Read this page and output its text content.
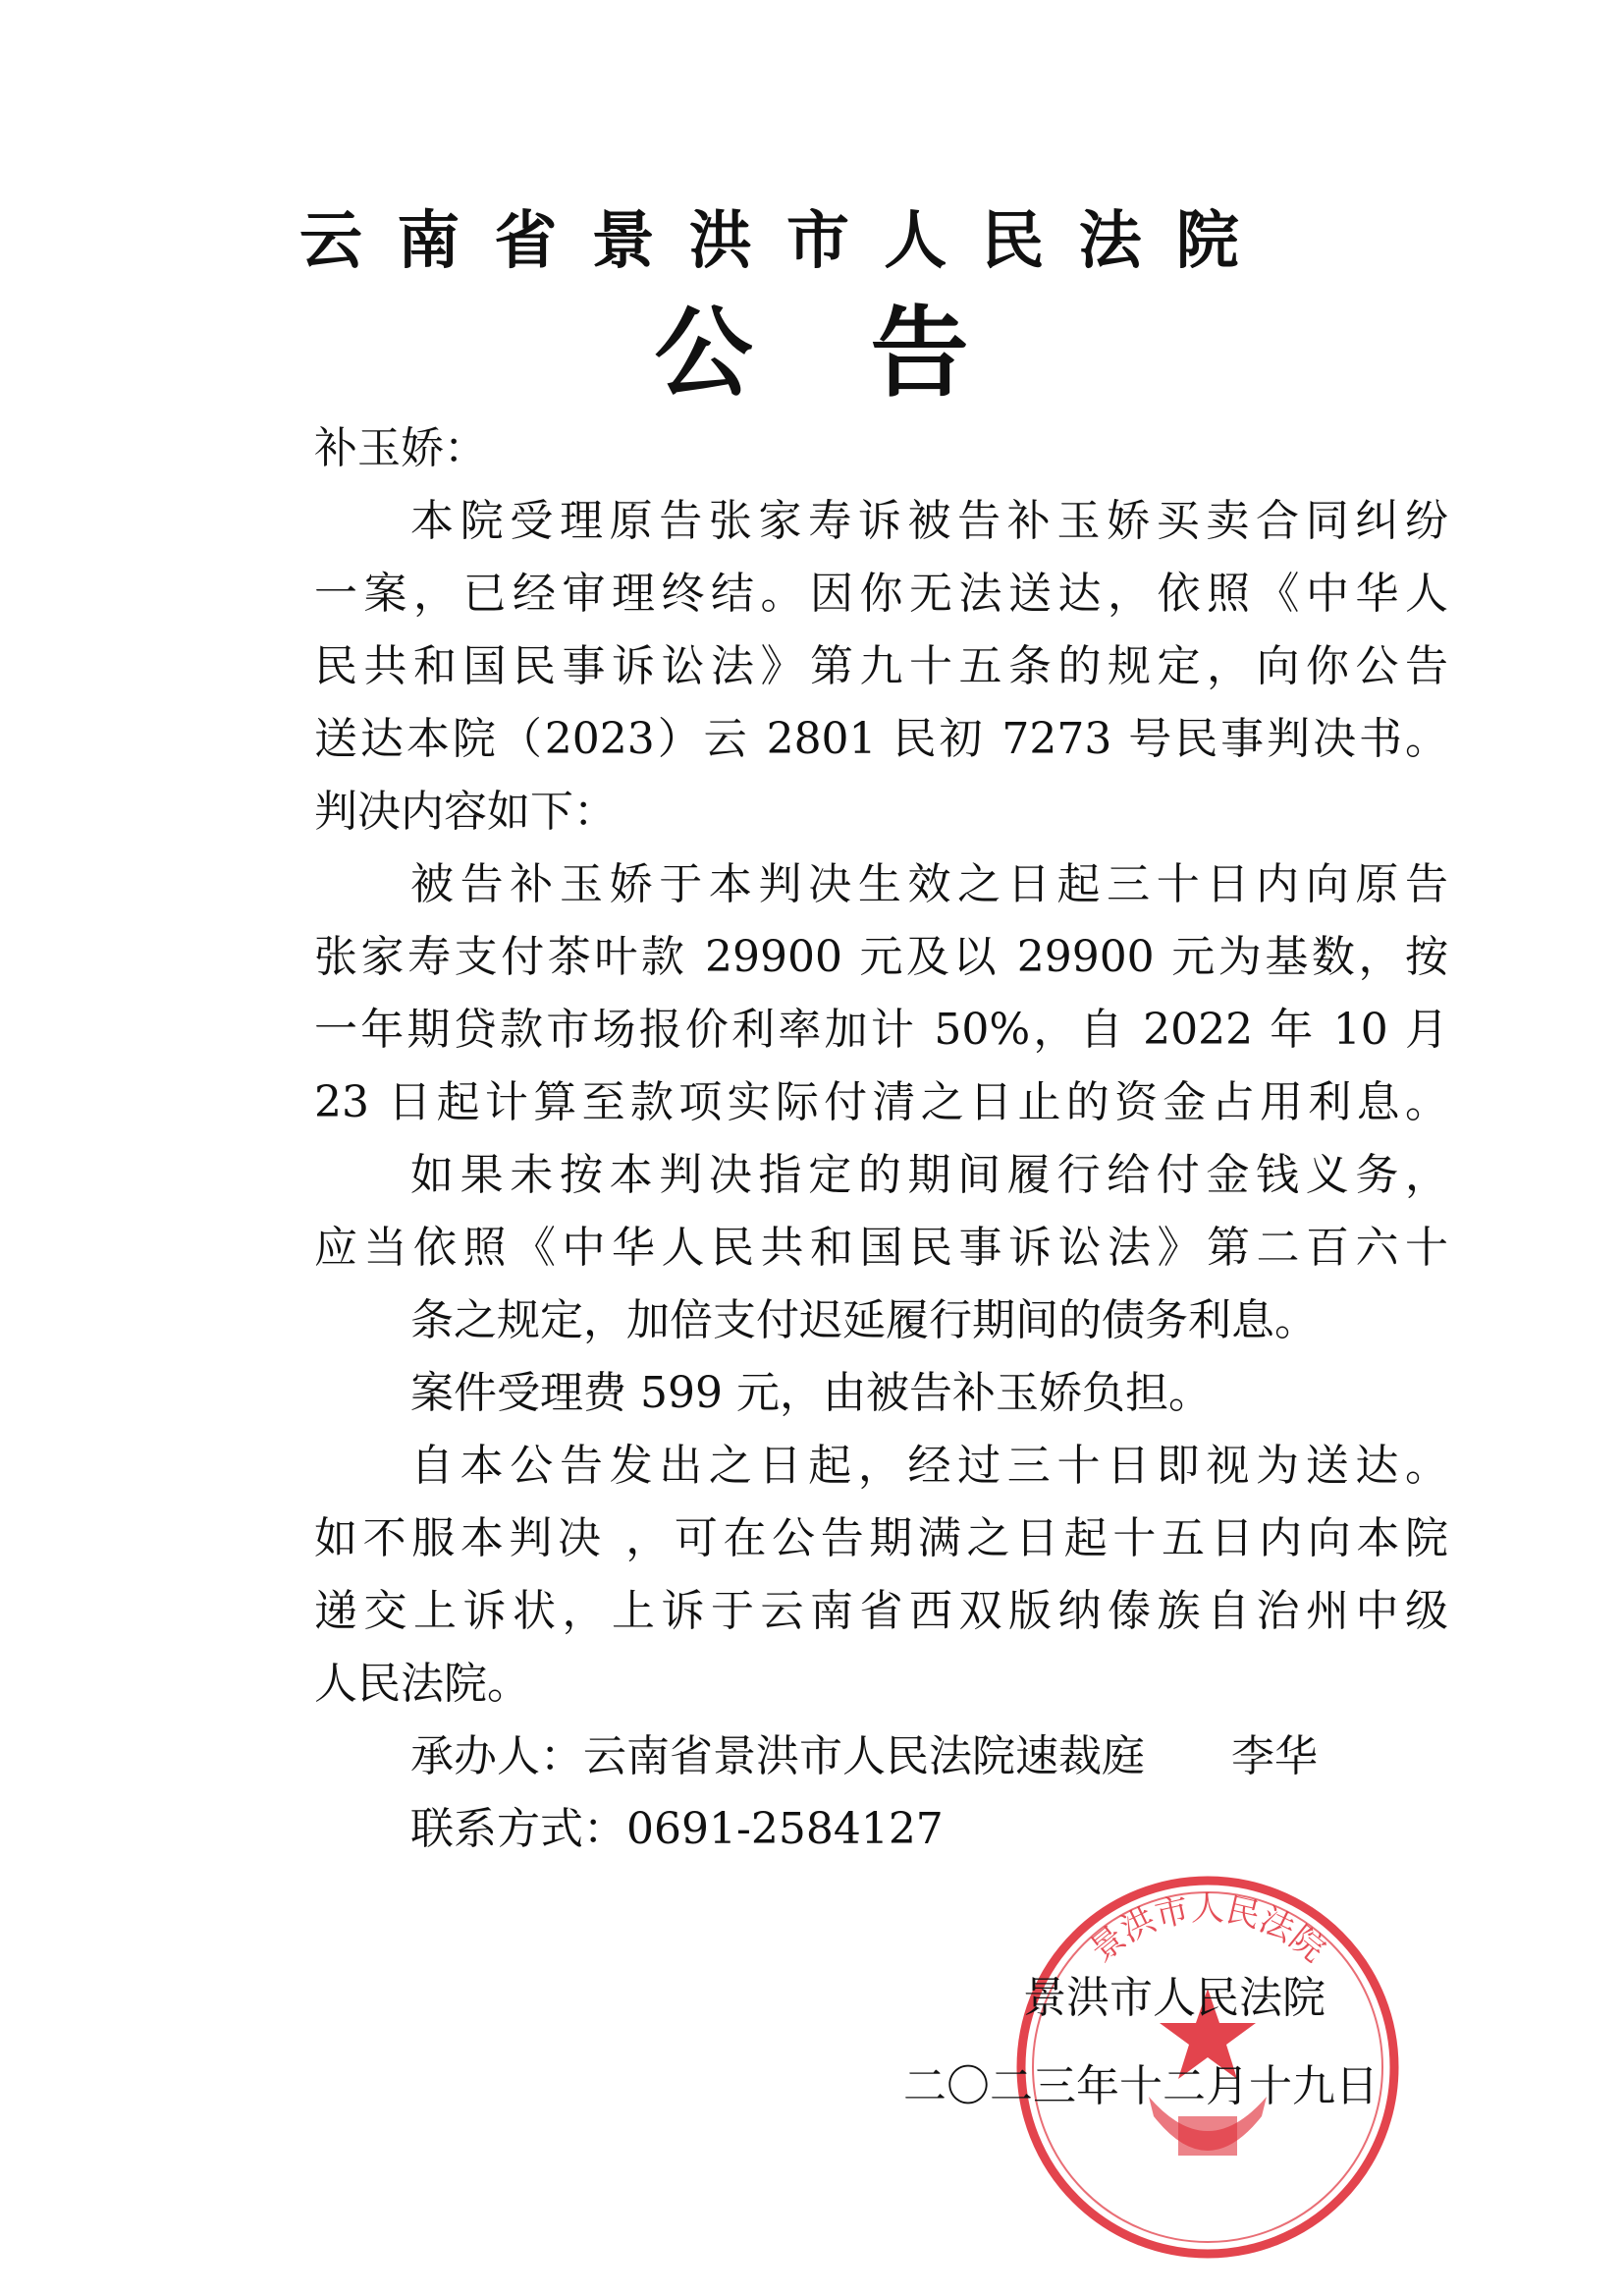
云南省景洪市人民法院
公告
补玉娇：
本院受理原告张家寿诉被告补玉娇买卖合同纠纷
一案，已经审理终结。因你无法送达，依照《中华人
民共和国民事诉讼法》第九十五条的规定，向你公告
送达本院（2023）云 2801 民初 7273 号民事判决书。
判决内容如下：
被告补玉娇于本判决生效之日起三十日内向原告
张家寿支付茶叶款 29900 元及以 29900 元为基数，按
一年期贷款市场报价利率加计 50%，自 2022 年 10 月
23 日起计算至款项实际付清之日止的资金占用利息。
如果未按本判决指定的期间履行给付金钱义务，
应当依照《中华人民共和国民事诉讼法》第二百六十
条之规定，加倍支付迟延履行期间的债务利息。
案件受理费 599 元，由被告补玉娇负担。
自本公告发出之日起，经过三十日即视为送达。
如不服本判决 ，可在公告期满之日起十五日内向本院
递交上诉状，上诉于云南省西双版纳傣族自治州中级
人民法院。
承办人：云南省景洪市人民法院速裁庭　　李华
联系方式：0691-2584127
景洪市人民法院
景洪市人民法院
二〇二三年十二月十九日
